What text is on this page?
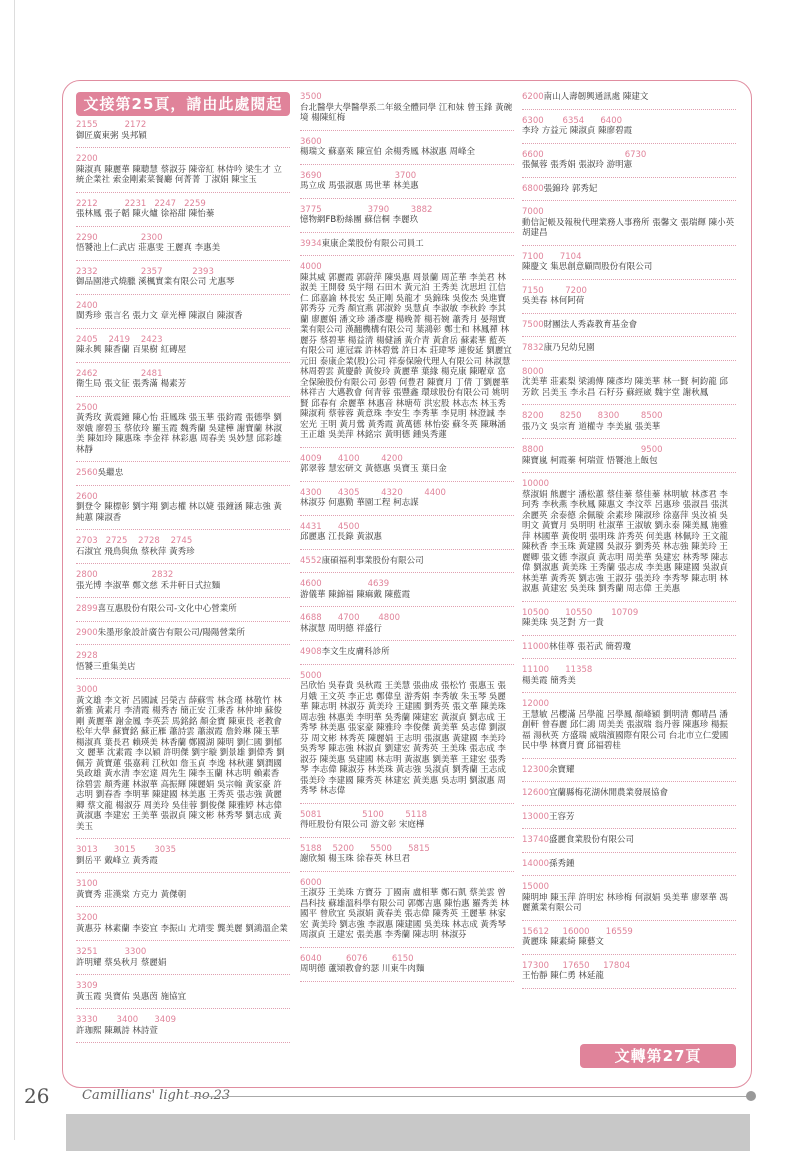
文接第25頁，請由此處閱起
2155          2172
御匠廣東粥 吳邦穎
2200
陳淑真 陳麗華 陳聰慧 蔡淑芬 陳帝紅 林侍吟 梁生才 立統企業社 索金剛素菜餐廳 何菁菁 丁淑娟 陳宝玉
2212          2231   2247   2259
張林鳳 張子韜 陳火爐 徐裕甜 陳怡蓁
2290                2300
悟饕池上仁武店 莊惠雯 王麗真 李惠美
2332                2357           2393
御品園港式燒臘 溪楓實業有限公司 尤惠琴
2400
閩秀珍 張言名 張力文 章光樺 陳淑自 陳淑香
2405    2419    2423
陳永興 陳香蘭 百果樹 紅磚屋
2462                2481
衛生局 張文征 張秀滿 楊素芳
2500
黃秀玫 黃震鐘 陳心怡 莊鳳珠 張玉華 張鈞霞 張德學 劉翠娥 廖碧玉 蔡依玲 羅玉霞 魏秀蘭 吳建樺 謝寶蘭 林淑美 陳如玲 陳惠珠 李金祥 林彩惠 周春美 吳妙慧 邱彩雄 林靜
2560吳繼忠
2600
劉登令 陳標彰 劉宇翔 劉志權 林以婕 張鐘涵 陳志強 黃純蕙 陳淑香
2703   2725    2728    2745
石淑宜 飛鳥與魚 蔡秋萍 黃秀珍
2800                    2832
張光博 李淑華 鄭文慈 禾井軒日式拉麵
2899喜互惠股份有限公司-文化中心營業所
2900朱墨形象設計廣告有限公司/陽陽營業所
2928
悟饕三重集美店
3000
黃文雄 李文祈 呂國誠 呂榮吉 薛蘇雪 林含瑾 林敬竹 林新雅 黃素月 李清霞 楊秀杏 簡正安 江秉香 林仲坤 蘇俊剛 黃麗華 謝金鳳 李英芸 馬銘銘 顏金寶 陳東長 老教會松年大學 蘇寶銘 蘇正雁 蕭詩雲 蕭淑霞 詹鈴琳 陳玉華 楊淑真 葉長君 賴瑛美 林香蘭 鄭國湖 陳明 劉仁國 劉郁文 麗華 沈素霞 李以穎 許明傑 劉宇璇 劉景雄 劉偉秀 劉佩芳 黃寶蓮 張嘉莉 江秋如 詹玉貞 李逸 林秋蓮 劉潤國 吳政雄 黃水清 李宏達 周先生 陳李玉蘭 林志明 賴素香 徐碧雲 顏秀蓮 林淑華 高振輝 陳麗娟 吳宗翰 黃家豪 許志明 劉春香 李明華 陳建國 林美惠 王秀英 張志強 黃麗卿 蔡文龍 楊淑芬 周美玲 吳佳蓉 劉俊傑 陳雅婷 林志偉 黃淑惠 李建宏 王美華 張淑貞 陳文彬 林秀琴 劉志成 黃美玉
3013      3015       3035
劉岳平 戴峰立 黃秀霞
3100
黃寶秀 莊漢棠 方克力 黃傑朝
3200
黃惠芬 林素蘭 李姿宜 李振山 尤靖雯 龔美麗 劉鴻溫企業
3251          3300
許明耀 蔡吳秋月 蔡麗娟
3309
黃玉霞 吳寶佑 吳惠茵 施協宜
3330       3400      3409
許珈熙 陳珮詩 林詩萱
3500
台北醫學大學醫學系二年級全體同學 江和妹 曾玉鋒 黃碗境 楊陳紅梅
3600
楊瑞文 蘇嘉萊 陳宣伯 余楊秀鳳 林淑惠 周峰全
3690                           3700
馬立成 馬張淑惠 馬世華 林美惠
3775                 3790        3882
憶物網FB粉絲團 蘇信桐 李麗玖
3934東康企業股份有限公司員工
4000
陳其威 郭麗霞 郭蔚萍 陳吳惠 周景蘭 周芷華 李美君 林淑美 王開發 吳宇翔 石田木 黃元泊 王秀美 沈思坦 江信仁 邱嘉諭 林長宏 吳正剛 吳龍才 吳錦珠 吳俊杰 吳進寶 郭秀芬 元秀 顏宜燕 郭淑鈴 吳慧貞 李淑敏 李秋鈴 李其蘭 廖麗娟 潘文珍 潘彥慶 楊晚菁 楊若婉 蕭秀月 晏翔實業有限公司 漢翻機構有限公司 葉鴻彰 鄭士和 林鳳禪 林麗芬 蔡碧華 楊益清 楊健涵 黃介青 黃倉岳 蘇素華 藍英有限公司 連冠霖 許林碧鶯 許日本 莊瑋琴 連俊延 劉麗宜 元田 泰康企業(股)公司 祥泰保險代理人有限公司 林淑慧 林周碧雲 黃慶齡 黃俊玲 黃麗華 葉緣 楊克康 陳曜章 富全保險股份有限公司 彭碧 何豊君 陳寶月 丁倩 丁劉麗華 林祥吉 大邁教會 何青蓉 張豐鑫 環球股份有限公司 姚明賢 邱春有 余麗華 林惠音 林塘苟 洪宏股 林志杰 林玉秀 陳淑莉 蔡蓉蓉 黃意珠 李安生 李秀華 李見明 林澄誠 李宏光 王明 黃月鶯 黃秀霞 黃萬德 林怡姿 蘇冬英 陳琳涵 王正雄 吳美萍 林銘宗 黃明德 鍾吳秀蓮
4009      4100        4200
郭翠蓉 慧宏研文 黃德惠 吳寶玉 葉日金
4300      4305        4320        4400
林淑芬 何惠勤 華園工程 柯志謀
4431      4500
邱麗惠 江長錄 黃淑惠
4552康碩福利事業股份有限公司
4600                 4639
游儀華 陳錦福 陳痲戴 陳藍霞
4688      4700       4800
林淑慧 周明德 祥盛行
4908李文生皮膚科診所
5000
呂欣怡 吳春貴 吳秋霞 王美慧 張曲成 張松竹 張惠玉 張月娥 王文英 李正忠 鄭偉皇 游秀娟 李秀敏 朱玉琴 吳麗華 陳志明 林淑芬 黃美玲 王建國 劉秀英 張文華 陳美珠 周志強 林惠美 李明華 吳秀蘭 陳建宏 黃淑貞 劉志成 王秀琴 林美惠 張家豪 陳雅玲 李俊傑 黃美華 吳志偉 劉淑芬 周文彬 林秀英 陳麗娟 王志明 張淑惠 黃建國 李美玲 吳秀琴 陳志強 林淑貞 劉建宏 黃秀英 王美珠 張志成 李淑芬 陳美惠 吳建國 林志明 黃淑惠 劉美華 王建宏 張秀琴 李志偉 陳淑芬 林美珠 黃志強 吳淑貞 劉秀蘭 王志成 張美玲 李建國 陳秀英 林建宏 黃美惠 吳志明 劉淑惠 周秀琴 林志偉
5081               5100        5118
得旺股份有限公司 游文彰 宋庭樺
5188    5200      5500      5815
謝欣頻 楊玉珠 徐春英 林旦君
6000
王淑芬 王美珠 方寶芬 丁國南 盧相華 鄭石凱 蔡美雲 曾昌科技 蘇雄溫科學有限公司 郭鄭吉惠 陳怡惠 羅秀美 林國平 曾欣宜 吳淑娟 黃春美 張志偉 陳秀英 王麗華 林家宏 黃美玲 劉志強 李淑惠 陳建國 吳美珠 林志成 黃秀琴 周淑貞 王建宏 張美惠 李秀蘭 陳志明 林淑芬
6040         6076         6150
周明德 蘆熲教會約瑟 川東牛肉麵
6200南山人壽韌興通訊處 陳建文
6300       6354      6400
李玲 方益元 陳淑貞 陳廖碧霞
6600                              6730
張佩蓉 張秀娟 張淑玲 游明憲
6800張錦玲 郭秀妃
7000
動信記帳及報稅代理業務人事務所 張馨文 張瑞輝 陳小英 胡建昌
7100      7104
陳慶文 集思創意顧問股份有限公司
7150        7200
吳美春 林何阿荷
7500財團法人秀森教育基金會
7832康乃兒幼兒園
8000
沈美華 莊素梨 梁鴻傳 陳彥均 陳美華 林一賢 柯鈞龍 邱芳欽 呂美玉 李永昌 石籽芬 蘇經崴 魏宇堂 謝秋鳳
8200      8250      8300        8500
張乃文 吳宗育 道權寺 李美嵐 張美華
8800                                    9500
陳寶嵐 柯霞蓁 柯瑞萱 悟饕池上飯包
10000
蔡淑娟 熊麗宇 潘松蕙 蔡佳蓁 蔡佳蓁 林明敏 林彥君 李珂秀 李秋燕 李秋鳳 陳惠文 李汶萃 呂惠珍 張淑昌 張淇 余麗英 余泰德 余佩璇 余素珍 陳淑珍 徐嘉萍 吳汝禎 吳明文 黃寶月 吳明明 杜淑華 王淑敏 劉永泰 陳美鳳 施雅萍 林國華 黃俊明 張明珠 許秀英 何美惠 林佩玲 王文龍 陳秋香 李玉珠 黃建國 吳淑芬 劉秀英 林志強 陳美玲 王麗卿 張文德 李淑貞 黃志明 周美華 吳建宏 林秀琴 陳志偉 劉淑惠 黃美珠 王秀蘭 張志成 李美惠 陳建國 吳淑貞 林美華 黃秀英 劉志強 王淑芬 張美玲 李秀琴 陳志明 林淑惠 黃建宏 吳美珠 劉秀蘭 周志偉 王美惠
10500      10550       10709
陳美珠 吳芝對 方一貴
11000林佳尊 張若武 簡碧瓊
11100      11358
楊美霞 簡秀美
12000
王慧敏 呂櫻滿 呂學龍 呂學鳳 顏峰穎 劉明清 鄭晴昌 潘創軒 曾春麗 邱仁鴻 周美美 張淑瑞 翁丹蓉 陳惠珍 楊振福 湯秋英 方盛瑞 威瑞濱國際有限公司 台北市立仁愛國民中學 林寶月寶 邱福碧桂
12300余寶耀
12600宜蘭縣梅花湖休閒農業發展協會
13000王容芳
13740盛麗食業股份有限公司
14000孫秀鍾
15000
陳明坤 陳玉萍 許明宏 林珍梅 何淑娟 吳美華 廖翠華 馮麗薰業有限公司
15612     16000      16559
黃麗珠 陳素綺 陳藝文
17300     17650     17804
王怡靜 陳仁勇 林延龍
文轉第27頁
26	Camillians' light no.23
